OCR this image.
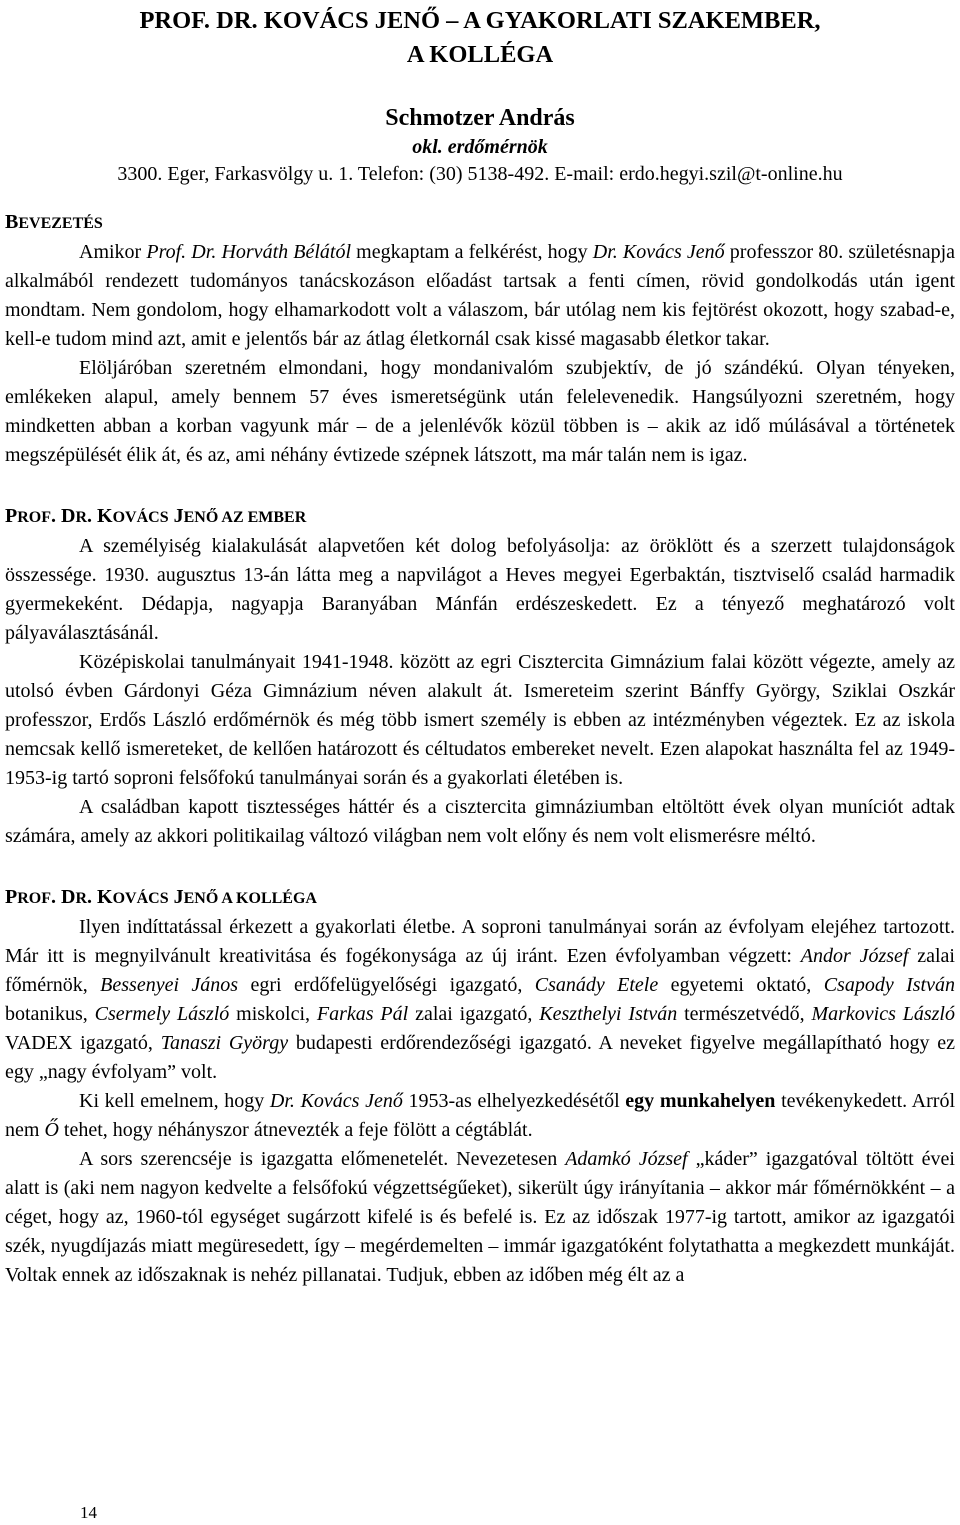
PROF. DR. KOVÁCS JENŐ – A GYAKORLATI SZAKEMBER,
A KOLLÉGA
Schmotzer András
okl. erdőmérnök
3300. Eger, Farkasvölgy u. 1. Telefon: (30) 5138-492. E-mail: erdo.hegyi.szil@t-online.hu
BEVEZETÉS

Amikor Prof. Dr. Horváth Bélától megkaptam a felkérést, hogy Dr. Kovács Jenő professzor 80. születésnapja alkalmából rendezett tudományos tanácskozáson előadást tartsak a fenti címen, rövid gondolkodás után igent mondtam. Nem gondolom, hogy elhamarkodott volt a válaszom, bár utólag nem kis fejtörést okozott, hogy szabad-e, kell-e tudom mind azt, amit e jelentős bár az átlag életkornál csak kissé magasabb életkor takar.

Elöljáróban szeretném elmondani, hogy mondanivalóm szubjektív, de jó szándékú. Olyan tényeken, emlékeken alapul, amely bennem 57 éves ismeretségünk után felelevenedik. Hangsúlyozni szeretném, hogy mindketten abban a korban vagyunk már – de a jelenlévők közül többen is – akik az idő múlásával a történetek megszépülését élik át, és az, ami néhány évtizede szépnek látszott, ma már talán nem is igaz.

PROF. DR. KOVÁCS JENŐ AZ EMBER

A személyiség kialakulását alapvetően két dolog befolyásolja: az öröklött és a szerzett tulajdonságok összessége. 1930. augusztus 13-án látta meg a napvilágot a Heves megyei Egerbaktán, tisztviselő család harmadik gyermekeként. Dédapja, nagyapja Baranyában Mánfán erdészeskedett. Ez a tényező meghatározó volt pályaválasztásánál.

Középiskolai tanulmányait 1941-1948. között az egri Cisztercita Gimnázium falai között végezte, amely az utolsó évben Gárdonyi Géza Gimnázium néven alakult át. Ismereteim szerint Bánffy György, Sziklai Oszkár professzor, Erdős László erdőmérnök és még több ismert személy is ebben az intézményben végeztek. Ez az iskola nemcsak kellő ismereteket, de kellően határozott és céltudatos embereket nevelt. Ezen alapokat használta fel az 1949-1953-ig tartó soproni felsőfokú tanulmányai során és a gyakorlati életében is.

A családban kapott tisztességes háttér és a cisztercita gimnáziumban eltöltött évek olyan muníciót adtak számára, amely az akkori politikailag változó világban nem volt előny és nem volt elismerésre méltó.

PROF. DR. KOVÁCS JENŐ A KOLLÉGA

Ilyen indíttatással érkezett a gyakorlati életbe. A soproni tanulmányai során az évfolyam elejéhez tartozott. Már itt is megnyilvánult kreativitása és fogékonysága az új iránt. Ezen évfolyamban végzett: Andor József zalai főmérnök, Bessenyei János egri erdőfelügyelőségi igazgató, Csanády Etele egyetemi oktató, Csapody István botanikus, Csermely László miskolci, Farkas Pál zalai igazgató, Keszthelyi István természetvédő, Markovics László VADEX igazgató, Tanaszi György budapesti erdőrendezőségi igazgató. A neveket figyelve megállapítható hogy ez egy „nagy évfolyam” volt.

Ki kell emelnem, hogy Dr. Kovács Jenő 1953-as elhelyezkedésétől egy munkahelyen tevékenykedett. Arról nem Ő tehet, hogy néhányszor átnevezték a feje fölött a cégtáblát.

A sors szerencséje is igazgatta előmenetelét. Nevezetesen Adamkó József „káder” igazgatóval töltött évei alatt is (aki nem nagyon kedvelte a felsőfokú végzettségűeket), sikerült úgy irányítania – akkor már főmérnökként – a céget, hogy az, 1960-tól egységet sugárzott kifelé is és befelé is. Ez az időszak 1977-ig tartott, amikor az igazgatói szék, nyugdíjazás miatt megüresedett, így – megérdemelten – immár igazgatóként folytathatta a megkezdett munkáját. Voltak ennek az időszaknak is nehéz pillanatai. Tudjuk, ebben az időben még élt az a

14
